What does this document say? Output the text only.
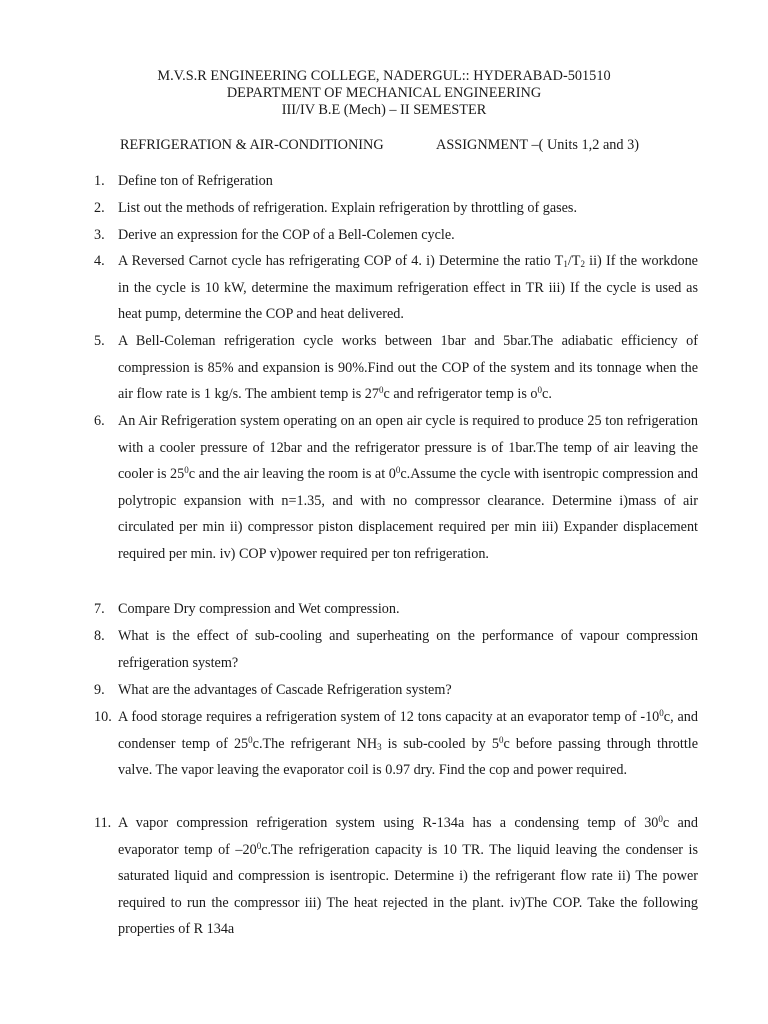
M.V.S.R ENGINEERING COLLEGE, NADERGUL:: HYDERABAD-501510
DEPARTMENT OF MECHANICAL ENGINEERING
III/IV B.E (Mech) – II SEMESTER
REFRIGERATION & AIR-CONDITIONING	ASSIGNMENT –( Units 1,2 and 3)
1. Define ton of Refrigeration
2. List out the methods of refrigeration. Explain refrigeration by throttling of gases.
3. Derive an expression for the COP of a Bell-Colemen cycle.
4. A Reversed Carnot cycle has refrigerating COP of 4. i) Determine the ratio $T_1/T_2$ ii) If the workdone in the cycle is 10 kW, determine the maximum refrigeration effect in TR iii) If the cycle is used as heat pump, determine the COP and heat delivered.
5. A Bell-Coleman refrigeration cycle works between 1bar and 5bar.The adiabatic efficiency of compression is 85% and expansion is 90%.Find out the COP of the system and its tonnage when the air flow rate is 1 kg/s. The ambient temp is $27^0c$ and refrigerator temp is $o^0c$.
6. An Air Refrigeration system operating on an open air cycle is required to produce 25 ton refrigeration with a cooler pressure of 12bar and the refrigerator pressure is of 1bar.The temp of air leaving the cooler is $25^0c$ and the air leaving the room is at $0^0c.Assume$ the cycle with isentropic compression and polytropic expansion with n=1.35, and with no compressor clearance. Determine i)mass of air circulated per min ii) compressor piston displacement required per min iii) Expander displacement required per min. iv) COP v)power required per ton refrigeration.
7. Compare Dry compression and Wet compression.
8. What is the effect of sub-cooling and superheating on the performance of vapour compression refrigeration system?
9. What are the advantages of Cascade Refrigeration system?
10. A food storage requires a refrigeration system of 12 tons capacity at an evaporator temp of $-10^0c$, and condenser temp of $25^0c.The$ refrigerant $NH_3$ is sub-cooled by $5^0c$ before passing through throttle valve. The vapor leaving the evaporator coil is 0.97 dry. Find the cop and power required.
11. A vapor compression refrigeration system using R-134a has a condensing temp of $30^0c$ and evaporator temp of $-20^0c.The$ refrigeration capacity is 10 TR. The liquid leaving the condenser is saturated liquid and compression is isentropic. Determine i) the refrigerant flow rate ii) The power required to run the compressor iii) The heat rejected in the plant. iv)The COP. Take the following properties of R 134a
